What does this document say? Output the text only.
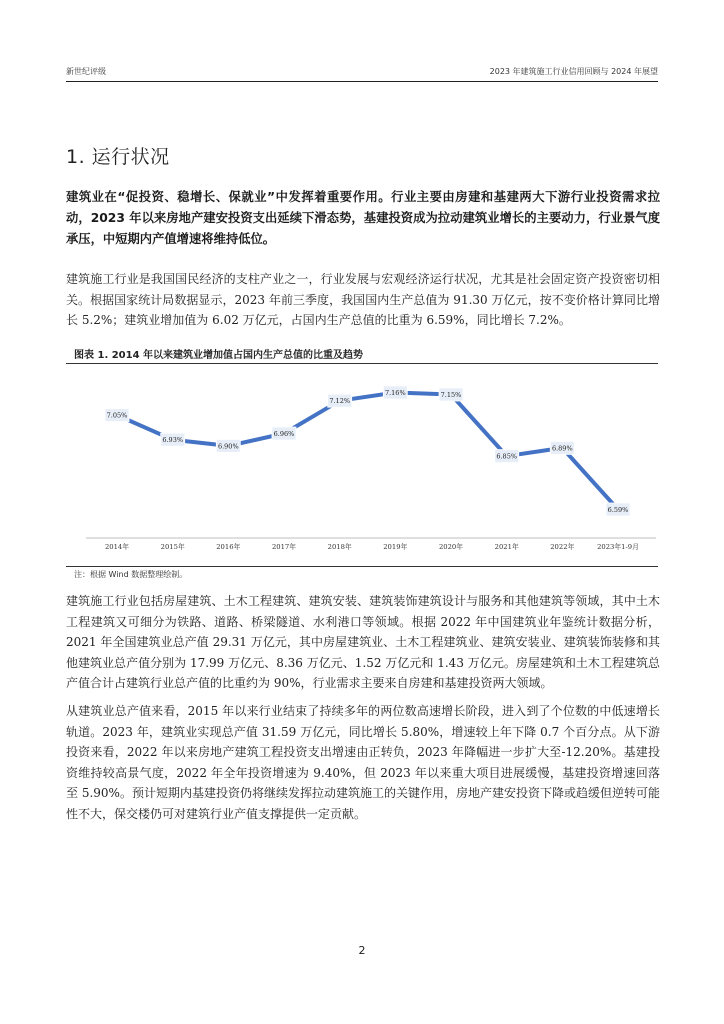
新世纪评级	2023 年建筑施工行业信用回顾与 2024 年展望
1. 运行状况
建筑业在“促投资、稳增长、保就业”中发挥着重要作用。行业主要由房建和基建两大下游行业投资需求拉动，2023 年以来房地产建安投资支出延续下滑态势，基建投资成为拉动建筑业增长的主要动力，行业景气度承压，中短期内产值增速将维持低位。
建筑施工行业是我国国民经济的支柱产业之一，行业发展与宏观经济运行状况，尤其是社会固定资产投资密切相关。根据国家统计局数据显示，2023 年前三季度，我国国内生产总值为 91.30 万亿元，按不变价格计算同比增长 5.2%；建筑业增加值为 6.02 万亿元，占国内生产总值的比重为 6.59%，同比增长 7.2%。
图表 1. 2014 年以来建筑业增加值占国内生产总值的比重及趋势
7.05%
6.93%
6.90%
6.96%
7.12%
7.16%	7.15%
6.85%
6.89%
6.59%
2014年	2015年	2016年	2017年	2018年	2019年	2020年	2021年	2022年	2023年1-9月
注：根据 Wind 数据整理绘制。
建筑施工行业包括房屋建筑、土木工程建筑、建筑安装、建筑装饰建筑设计与服务和其他建筑等领域，其中土木工程建筑又可细分为铁路、道路、桥梁隧道、水利港口等领域。根据 2022 年中国建筑业年鉴统计数据分析，2021 年全国建筑业总产值 29.31 万亿元，其中房屋建筑业、土木工程建筑业、建筑安装业、建筑装饰装修和其他建筑业总产值分别为 17.99 万亿元、8.36 万亿元、1.52 万亿元和 1.43 万亿元。房屋建筑和土木工程建筑总产值合计占建筑行业总产值的比重约为 90%，行业需求主要来自房建和基建投资两大领域。
从建筑业总产值来看，2015 年以来行业结束了持续多年的两位数高速增长阶段，进入到了个位数的中低速增长轨道。2023 年，建筑业实现总产值 31.59 万亿元，同比增长 5.80%，增速较上年下降 0.7 个百分点。从下游投资来看，2022 年以来房地产建筑工程投资支出增速由正转负，2023 年降幅进一步扩大至-12.20%。基建投资维持较高景气度，2022 年全年投资增速为 9.40%，但 2023 年以来重大项目进展缓慢，基建投资增速回落至 5.90%。预计短期内基建投资仍将继续发挥拉动建筑施工的关键作用，房地产建安投资下降或趋缓但逆转可能性不大，保交楼仍可对建筑行业产值支撑提供一定贡献。
2
